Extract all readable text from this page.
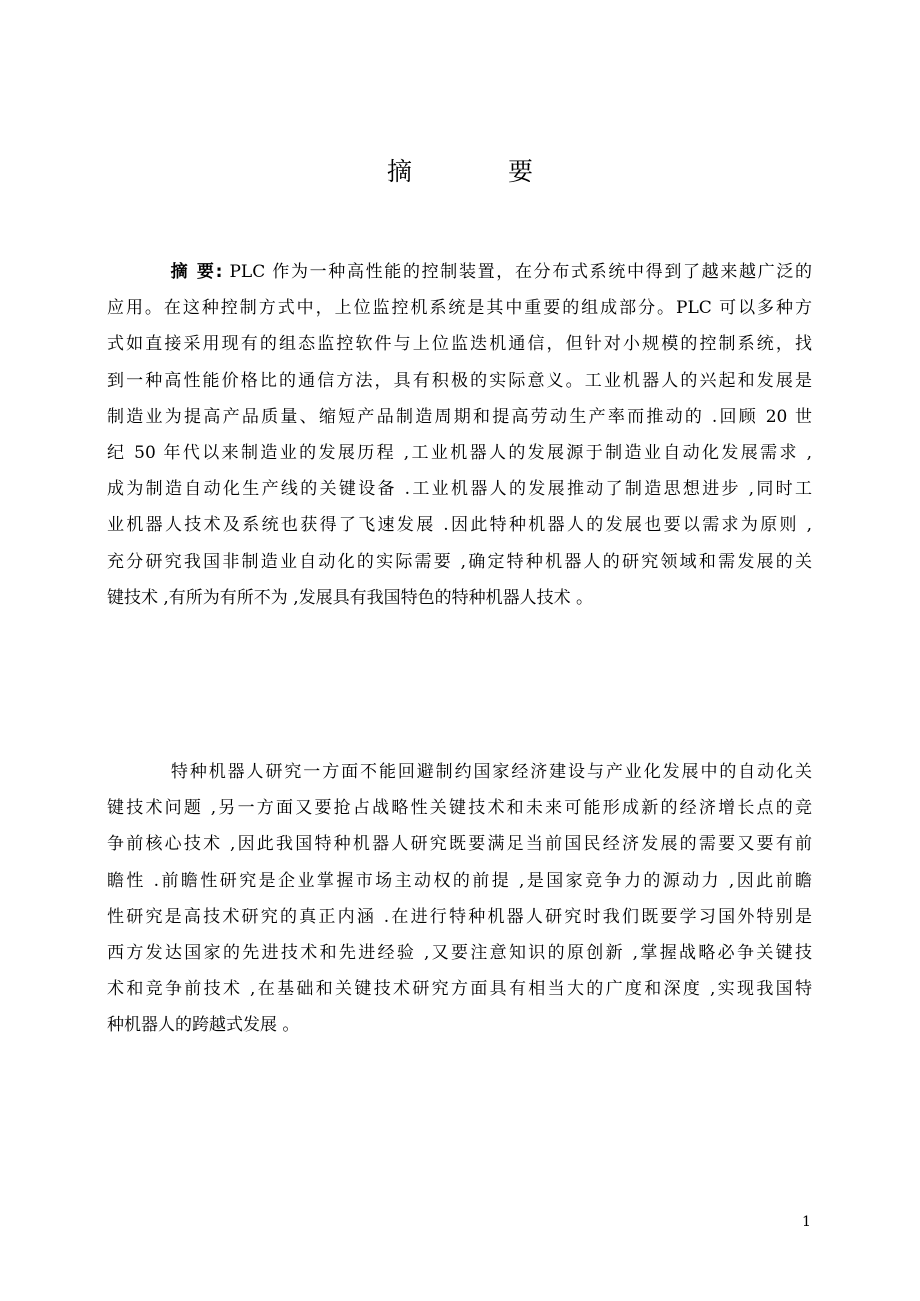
摘 要
摘 要: PLC 作为一种高性能的控制装置，在分布式系统中得到了越来越广泛的
应用。在这种控制方式中，上位监控机系统是其中重要的组成部分。PLC 可以多种方
式如直接采用现有的组态监控软件与上位监迭机通信，但针对小规模的控制系统，找
到一种高性能价格比的通信方法，具有积极的实际意义。工业机器人的兴起和发展是
制造业为提高产品质量、缩短产品制造周期和提高劳动生产率而推动的 .回顾 20 世
纪 50 年代以来制造业的发展历程 ,工业机器人的发展源于制造业自动化发展需求 ,
成为制造自动化生产线的关键设备 .工业机器人的发展推动了制造思想进步 ,同时工
业机器人技术及系统也获得了飞速发展 .因此特种机器人的发展也要以需求为原则 ,
充分研究我国非制造业自动化的实际需要 ,确定特种机器人的研究领域和需发展的关
键技术 ,有所为有所不为 ,发展具有我国特色的特种机器人技术 。
特种机器人研究一方面不能回避制约国家经济建设与产业化发展中的自动化关
键技术问题 ,另一方面又要抢占战略性关键技术和未来可能形成新的经济增长点的竞
争前核心技术 ,因此我国特种机器人研究既要满足当前国民经济发展的需要又要有前
瞻性 .前瞻性研究是企业掌握市场主动权的前提 ,是国家竞争力的源动力 ,因此前瞻
性研究是高技术研究的真正内涵 .在进行特种机器人研究时我们既要学习国外特别是
西方发达国家的先进技术和先进经验 ,又要注意知识的原创新 ,掌握战略必争关键技
术和竞争前技术 ,在基础和关键技术研究方面具有相当大的广度和深度 ,实现我国特
种机器人的跨越式发展 。
1
